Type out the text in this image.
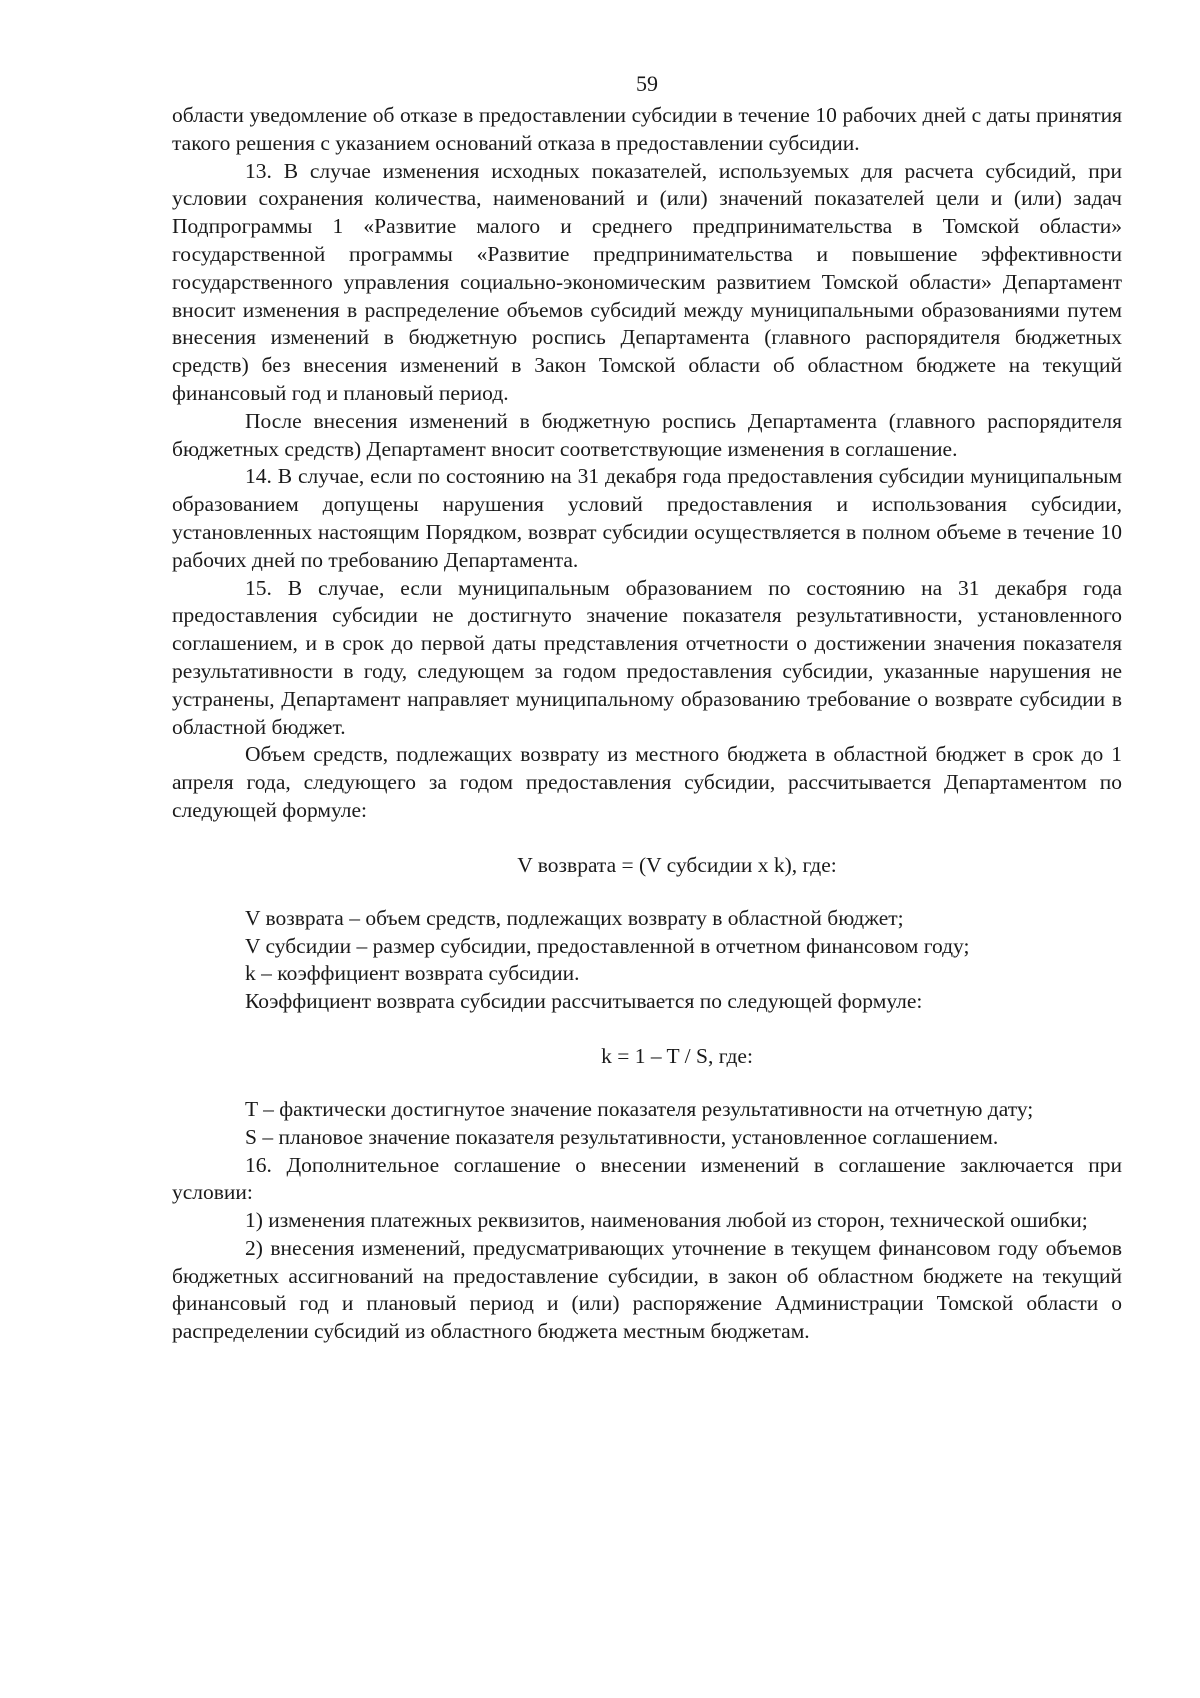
59

области уведомление об отказе в предоставлении субсидии в течение 10 рабочих дней с даты принятия такого решения с указанием оснований отказа в предоставлении субсидии.

13. В случае изменения исходных показателей, используемых для расчета субсидий, при условии сохранения количества, наименований и (или) значений показателей цели и (или) задач Подпрограммы 1 «Развитие малого и среднего предпринимательства в Томской области» государственной программы «Развитие предпринимательства и повышение эффективности государственного управления социально-экономическим развитием Томской области» Департамент вносит изменения в распределение объемов субсидий между муниципальными образованиями путем внесения изменений в бюджетную роспись Департамента (главного распорядителя бюджетных средств) без внесения изменений в Закон Томской области об областном бюджете на текущий финансовый год и плановый период.

После внесения изменений в бюджетную роспись Департамента (главного распорядителя бюджетных средств) Департамент вносит соответствующие изменения в соглашение.

14. В случае, если по состоянию на 31 декабря года предоставления субсидии муниципальным образованием допущены нарушения условий предоставления и использования субсидии, установленных настоящим Порядком, возврат субсидии осуществляется в полном объеме в течение 10 рабочих дней по требованию Департамента.

15. В случае, если муниципальным образованием по состоянию на 31 декабря года предоставления субсидии не достигнуто значение показателя результативности, установленного соглашением, и в срок до первой даты представления отчетности о достижении значения показателя результативности в году, следующем за годом предоставления субсидии, указанные нарушения не устранены, Департамент направляет муниципальному образованию требование о возврате субсидии в областной бюджет.

Объем средств, подлежащих возврату из местного бюджета в областной бюджет в срок до 1 апреля года, следующего за годом предоставления субсидии, рассчитывается Департаментом по следующей формуле:

V возврата = (V субсидии x k), где:

V возврата – объем средств, подлежащих возврату в областной бюджет;

V субсидии – размер субсидии, предоставленной в отчетном финансовом году;

k – коэффициент возврата субсидии.

Коэффициент возврата субсидии рассчитывается по следующей формуле:

k = 1 – T / S, где:

T – фактически достигнутое значение показателя результативности на отчетную дату;

S – плановое значение показателя результативности, установленное соглашением.

16. Дополнительное соглашение о внесении изменений в соглашение заключается при условии:

1) изменения платежных реквизитов, наименования любой из сторон, технической ошибки;

2) внесения изменений, предусматривающих уточнение в текущем финансовом году объемов бюджетных ассигнований на предоставление субсидии, в закон об областном бюджете на текущий финансовый год и плановый период и (или) распоряжение Администрации Томской области о распределении субсидий из областного бюджета местным бюджетам.
